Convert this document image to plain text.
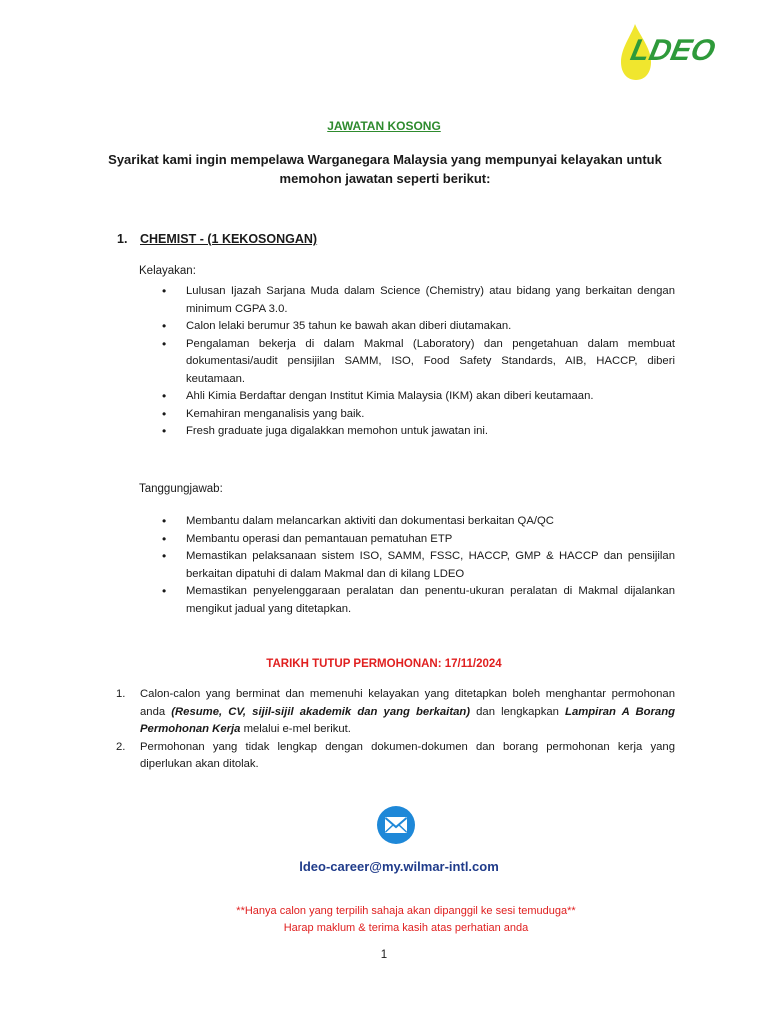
LDEO
JAWATAN KOSONG
Syarikat kami ingin mempelawa Warganegara Malaysia yang mempunyai kelayakan untuk memohon jawatan seperti berikut:
1. CHEMIST - (1 KEKOSONGAN)
Kelayakan:
• Lulusan Ijazah Sarjana Muda dalam Science (Chemistry) atau bidang yang berkaitan dengan minimum CGPA 3.0.
• Calon lelaki berumur 35 tahun ke bawah akan diberi diutamakan.
• Pengalaman bekerja di dalam Makmal (Laboratory) dan pengetahuan dalam membuat dokumentasi/audit pensijilan SAMM, ISO, Food Safety Standards, AIB, HACCP, diberi keutamaan.
• Ahli Kimia Berdaftar dengan Institut Kimia Malaysia (IKM) akan diberi keutamaan.
• Kemahiran menganalisis yang baik.
• Fresh graduate juga digalakkan memohon untuk jawatan ini.
Tanggungjawab:
• Membantu dalam melancarkan aktiviti dan dokumentasi berkaitan QA/QC
• Membantu operasi dan pemantauan pematuhan ETP
• Memastikan pelaksanaan sistem ISO, SAMM, FSSC, HACCP, GMP & HACCP dan pensijilan berkaitan dipatuhi di dalam Makmal dan di kilang LDEO
• Memastikan penyelenggaraan peralatan dan penentu-ukuran peralatan di Makmal dijalankan mengikut jadual yang ditetapkan.
TARIKH TUTUP PERMOHONAN: 17/11/2024
1. Calon-calon yang berminat dan memenuhi kelayakan yang ditetapkan boleh menghantar permohonan anda (Resume, CV, sijil-sijil akademik dan yang berkaitan) dan lengkapkan Lampiran A Borang Permohonan Kerja melalui e-mel berikut.
2. Permohonan yang tidak lengkap dengan dokumen-dokumen dan borang permohonan kerja yang diperlukan akan ditolak.
ldeo-career@my.wilmar-intl.com
**Hanya calon yang terpilih sahaja akan dipanggil ke sesi temuduga**
Harap maklum & terima kasih atas perhatian anda
1
